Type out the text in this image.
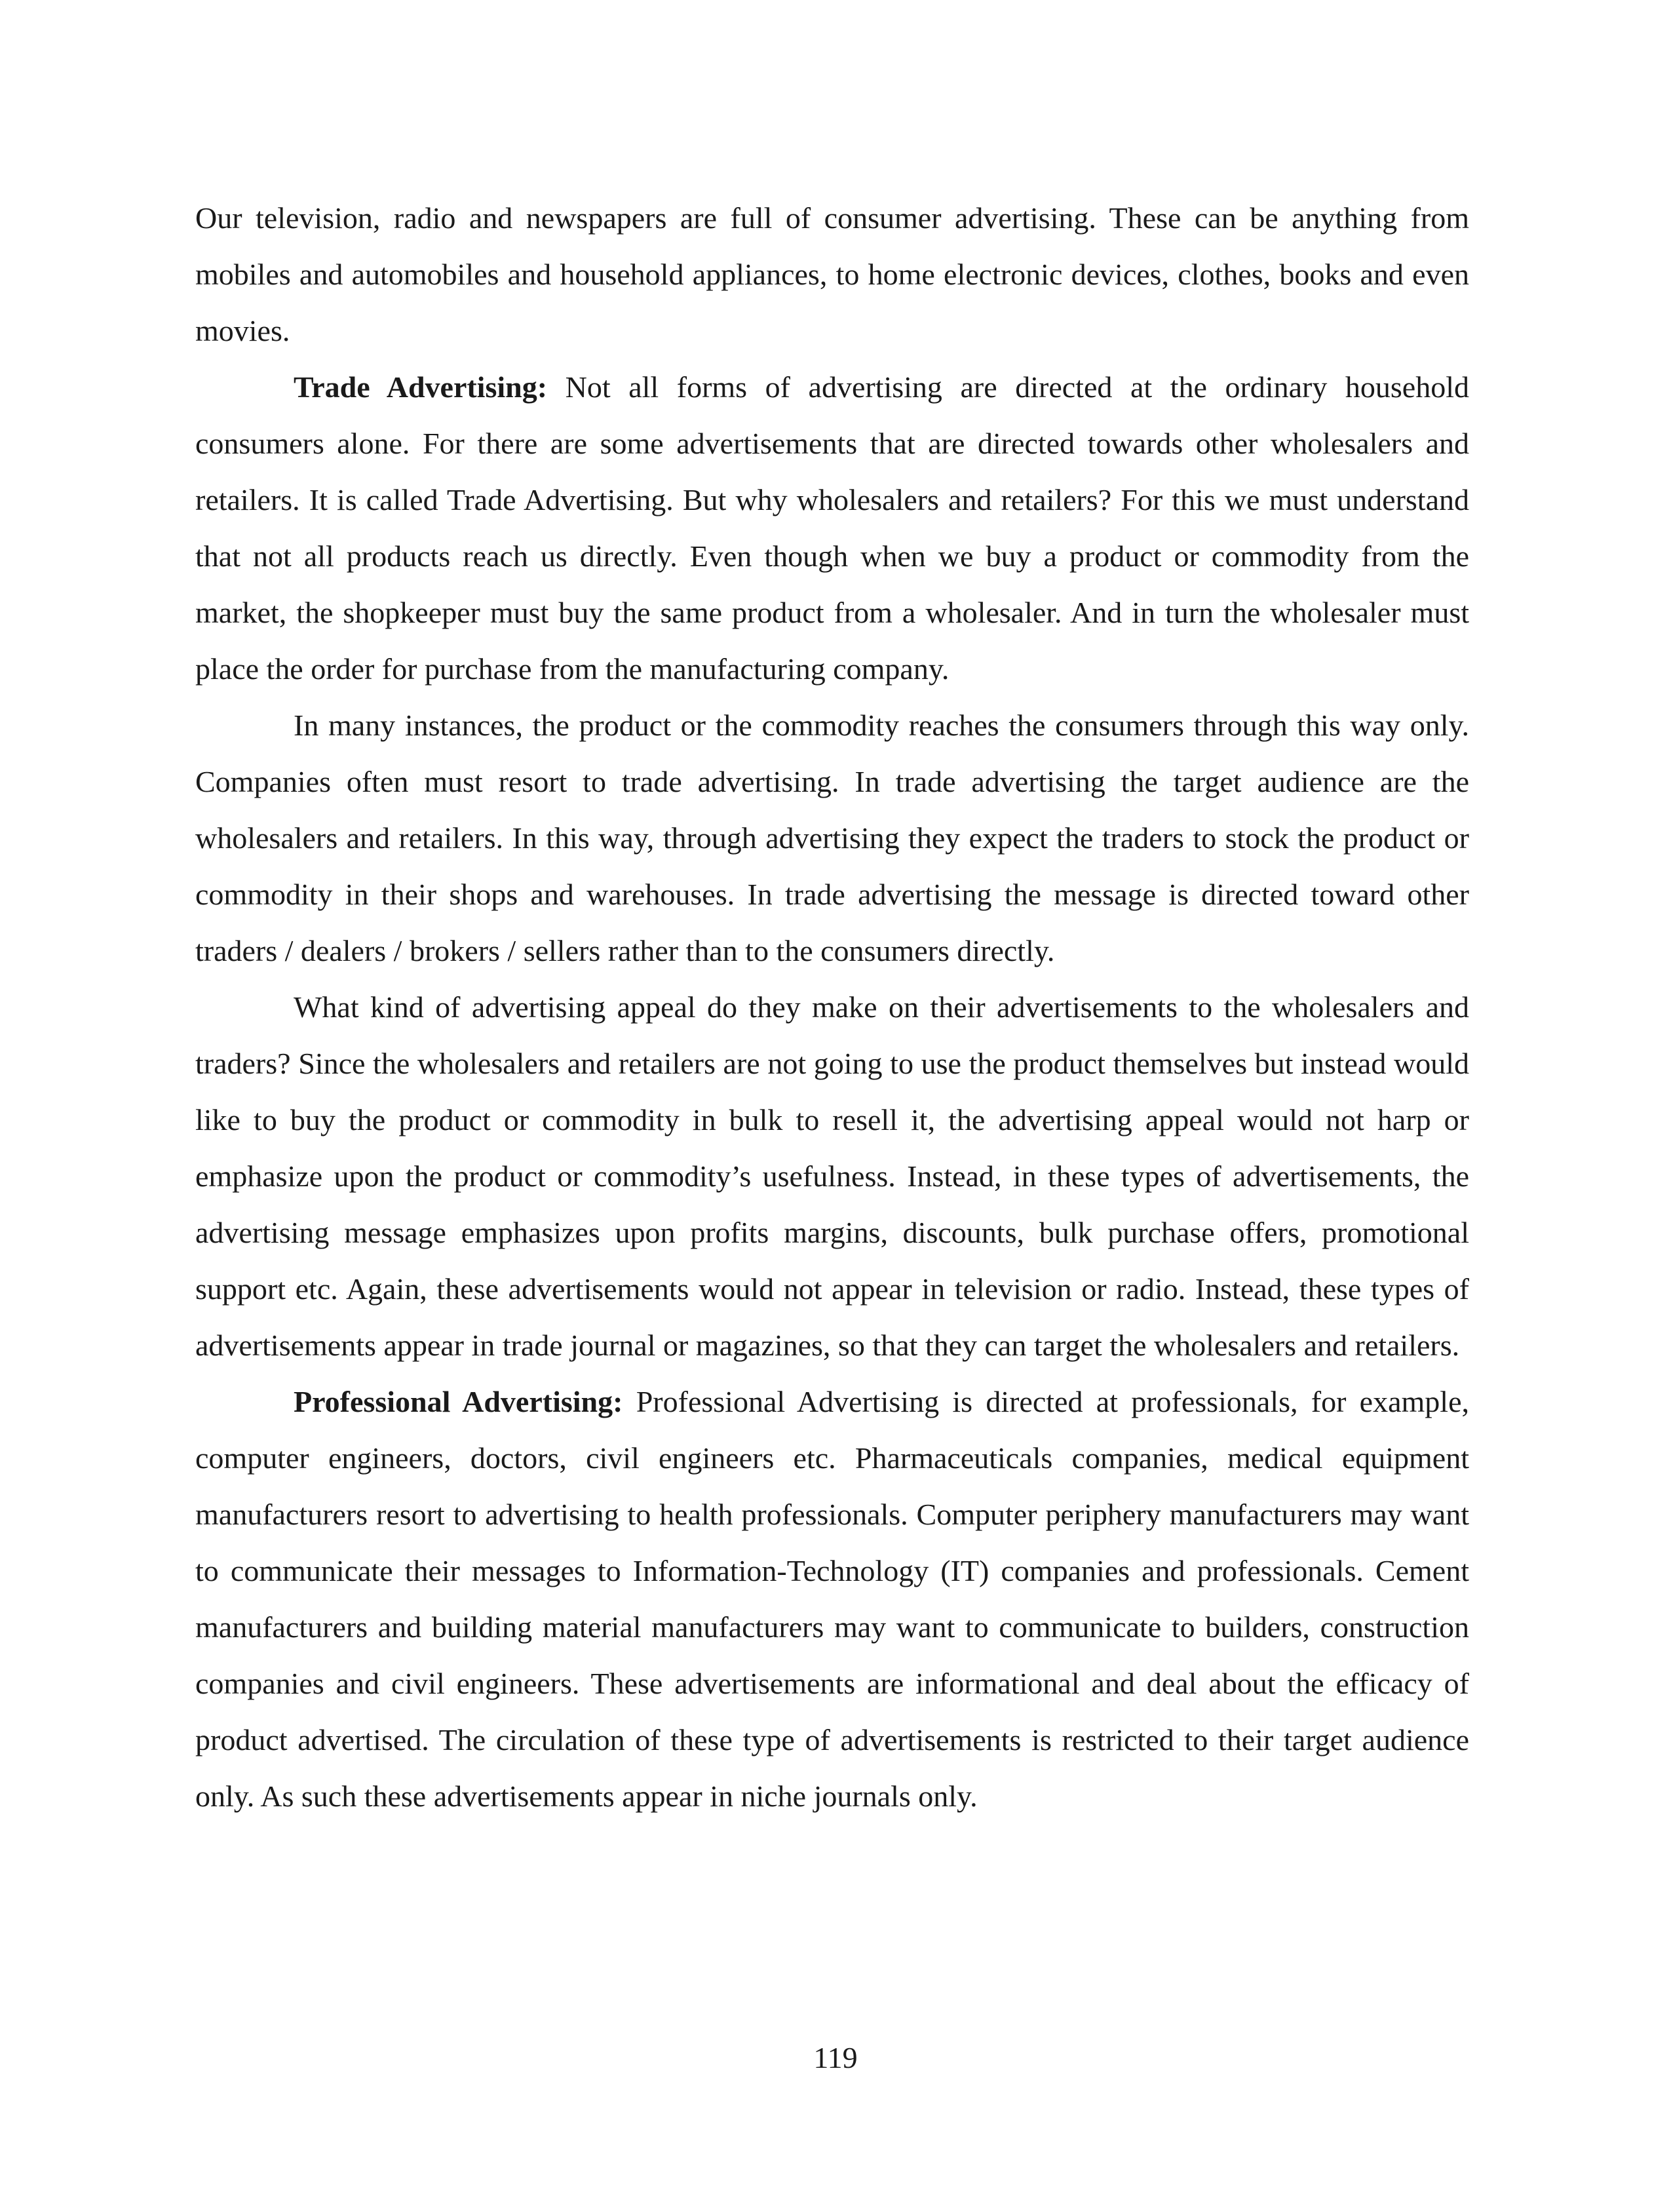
Our television, radio and newspapers are full of consumer advertising. These can be anything from mobiles and automobiles and household appliances, to home electronic devices, clothes, books and even movies.

Trade Advertising: Not all forms of advertising are directed at the ordinary household consumers alone. For there are some advertisements that are directed towards other wholesalers and retailers. It is called Trade Advertising. But why wholesalers and retailers? For this we must understand that not all products reach us directly. Even though when we buy a product or commodity from the market, the shopkeeper must buy the same product from a wholesaler. And in turn the wholesaler must place the order for purchase from the manufacturing company.

In many instances, the product or the commodity reaches the consumers through this way only. Companies often must resort to trade advertising. In trade advertising the target audience are the wholesalers and retailers. In this way, through advertising they expect the traders to stock the product or commodity in their shops and warehouses. In trade advertising the message is directed toward other traders / dealers / brokers / sellers rather than to the consumers directly.

What kind of advertising appeal do they make on their advertisements to the wholesalers and traders? Since the wholesalers and retailers are not going to use the product themselves but instead would like to buy the product or commodity in bulk to resell it, the advertising appeal would not harp or emphasize upon the product or commodity’s usefulness. Instead, in these types of advertisements, the advertising message emphasizes upon profits margins, discounts, bulk purchase offers, promotional support etc. Again, these advertisements would not appear in television or radio. Instead, these types of advertisements appear in trade journal or magazines, so that they can target the wholesalers and retailers.

Professional Advertising: Professional Advertising is directed at professionals, for example, computer engineers, doctors, civil engineers etc. Pharmaceuticals companies, medical equipment manufacturers resort to advertising to health professionals. Computer periphery manufacturers may want to communicate their messages to Information-Technology (IT) companies and professionals. Cement manufacturers and building material manufacturers may want to communicate to builders, construction companies and civil engineers. These advertisements are informational and deal about the efficacy of product advertised. The circulation of these type of advertisements is restricted to their target audience only. As such these advertisements appear in niche journals only.

119
